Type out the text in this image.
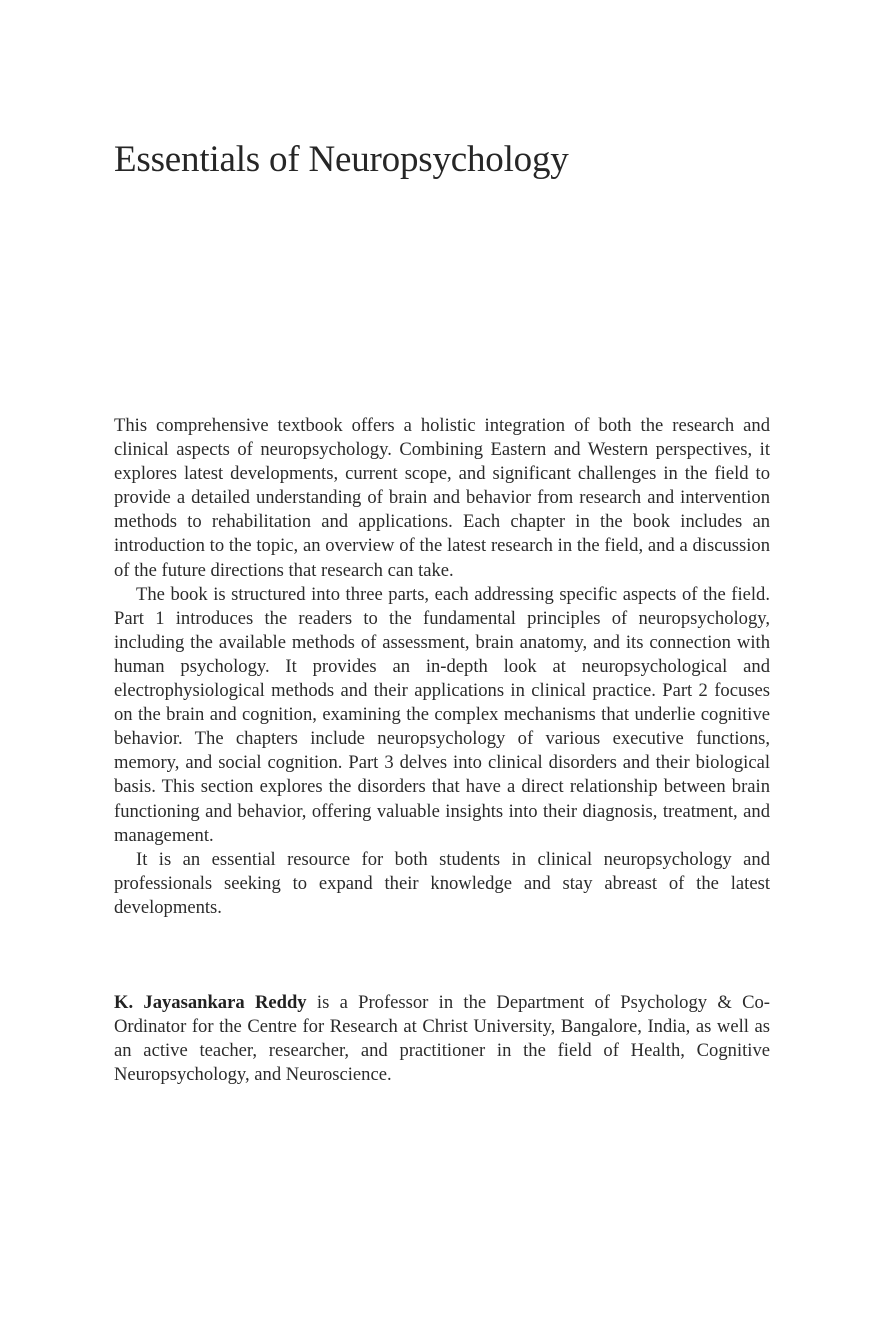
Essentials of Neuropsychology

This comprehensive textbook offers a holistic integration of both the research and clinical aspects of neuropsychology. Combining Eastern and Western perspectives, it explores latest developments, current scope, and significant challenges in the field to provide a detailed understanding of brain and behavior from research and intervention methods to rehabilitation and applications. Each chapter in the book includes an introduction to the topic, an overview of the latest research in the field, and a discussion of the future directions that research can take.

The book is structured into three parts, each addressing specific aspects of the field. Part 1 introduces the readers to the fundamental principles of neuropsychology, including the available methods of assessment, brain anatomy, and its connection with human psychology. It provides an in-depth look at neuropsychological and electrophysiological methods and their applications in clinical practice. Part 2 focuses on the brain and cognition, examining the complex mechanisms that underlie cognitive behavior. The chapters include neuropsychology of various executive functions, memory, and social cognition. Part 3 delves into clinical disorders and their biological basis. This section explores the disorders that have a direct relationship between brain functioning and behavior, offering valuable insights into their diagnosis, treatment, and management.

It is an essential resource for both students in clinical neuropsychology and professionals seeking to expand their knowledge and stay abreast of the latest developments.

K. Jayasankara Reddy is a Professor in the Department of Psychology & Co-Ordinator for the Centre for Research at Christ University, Bangalore, India, as well as an active teacher, researcher, and practitioner in the field of Health, Cognitive Neuropsychology, and Neuroscience.
